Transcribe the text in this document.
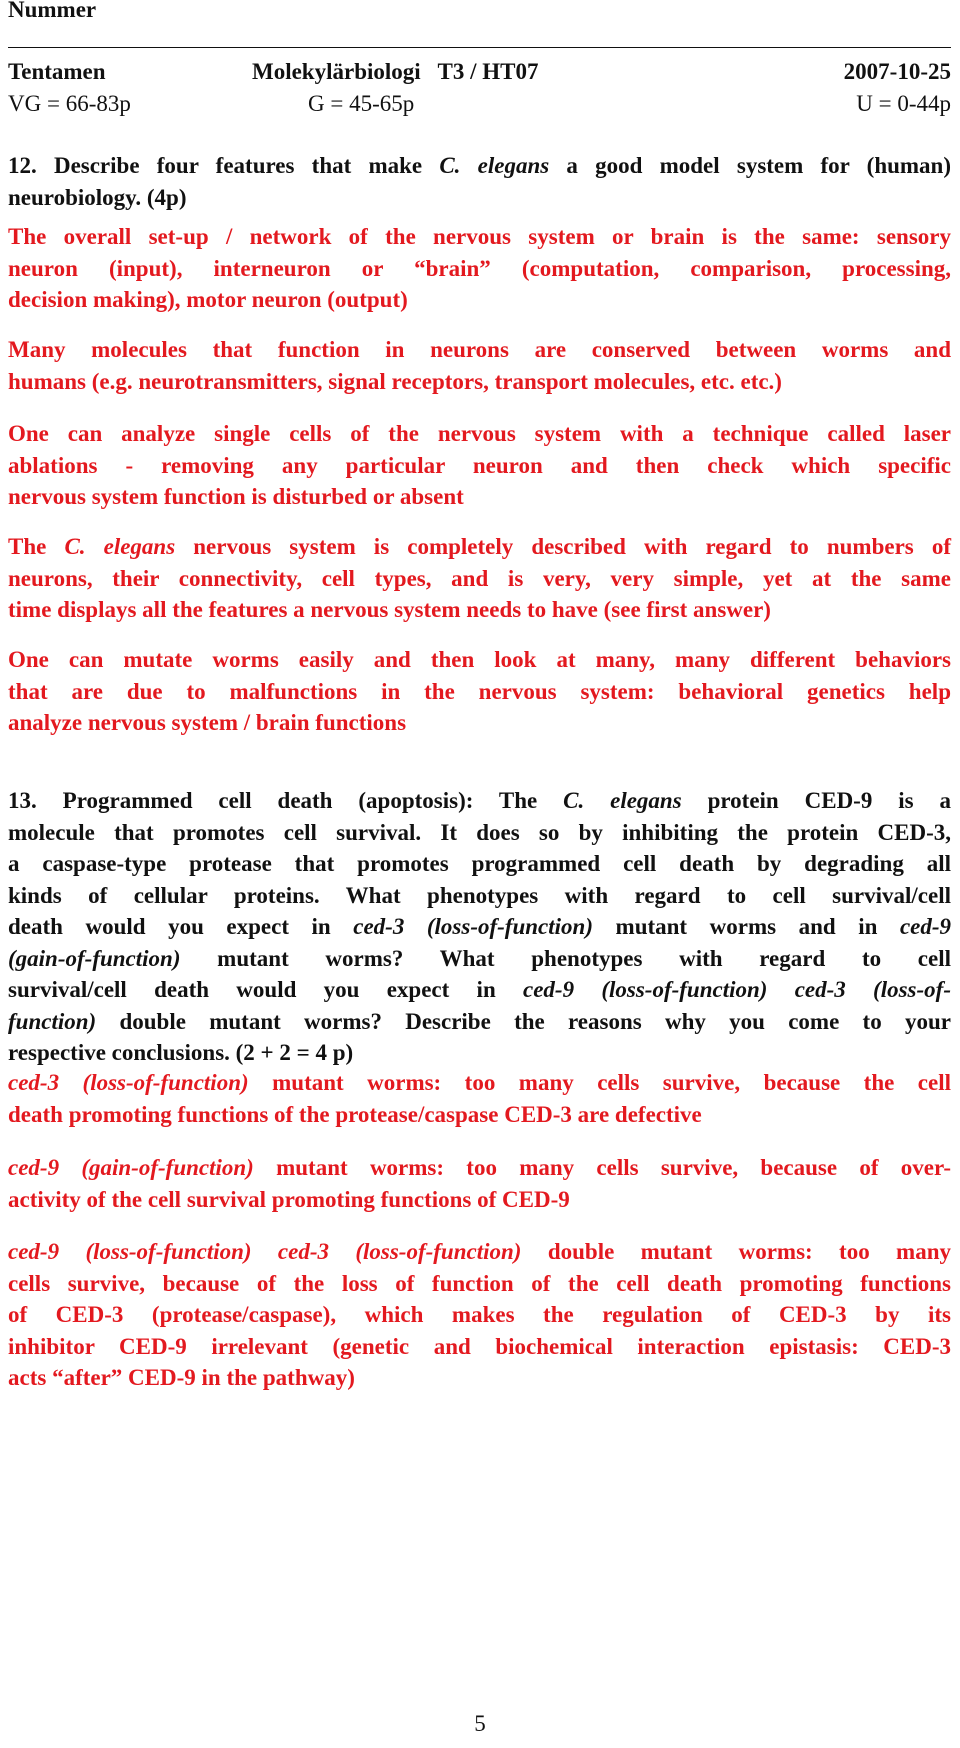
Nummer
Tentamen	Molekylärbiologi   T3 / HT07	2007-10-25
VG = 66-83p	G = 45-65p	U = 0-44p
12. Describe four features that make C. elegans a good model system for (human)
neurobiology. (4p)
The overall set-up / network of the nervous system or brain is the same: sensory
neuron (input), interneuron or “brain” (computation, comparison, processing,
decision making), motor neuron (output)
Many molecules that function in neurons are conserved between worms and
humans (e.g. neurotransmitters, signal receptors, transport molecules, etc. etc.)
One can analyze single cells of the nervous system with a technique called laser
ablations - removing any particular neuron and then check which specific
nervous system function is disturbed or absent
The C. elegans nervous system is completely described with regard to numbers of
neurons, their connectivity, cell types, and is very, very simple, yet at the same
time displays all the features a nervous system needs to have (see first answer)
One can mutate worms easily and then look at many, many different behaviors
that are due to malfunctions in the nervous system: behavioral genetics help
analyze nervous system / brain functions
13. Programmed cell death (apoptosis): The C. elegans protein CED-9 is a
molecule that promotes cell survival. It does so by inhibiting the protein CED-3,
a caspase-type protease that promotes programmed cell death by degrading all
kinds of cellular proteins. What phenotypes with regard to cell survival/cell
death would you expect in ced-3 (loss-of-function) mutant worms and in ced-9
(gain-of-function) mutant worms? What phenotypes with regard to cell
survival/cell death would you expect in ced-9 (loss-of-function) ced-3 (loss-of-
function) double mutant worms? Describe the reasons why you come to your
respective conclusions. (2 + 2 = 4 p)
ced-3 (loss-of-function) mutant worms: too many cells survive, because the cell
death promoting functions of the protease/caspase CED-3 are defective
ced-9 (gain-of-function) mutant worms: too many cells survive, because of over-
activity of the cell survival promoting functions of CED-9
ced-9 (loss-of-function) ced-3 (loss-of-function) double mutant worms: too many
cells survive, because of the loss of function of the cell death promoting functions
of CED-3 (protease/caspase), which makes the regulation of CED-3 by its
inhibitor CED-9 irrelevant (genetic and biochemical interaction epistasis: CED-3
acts “after” CED-9 in the pathway)
5
